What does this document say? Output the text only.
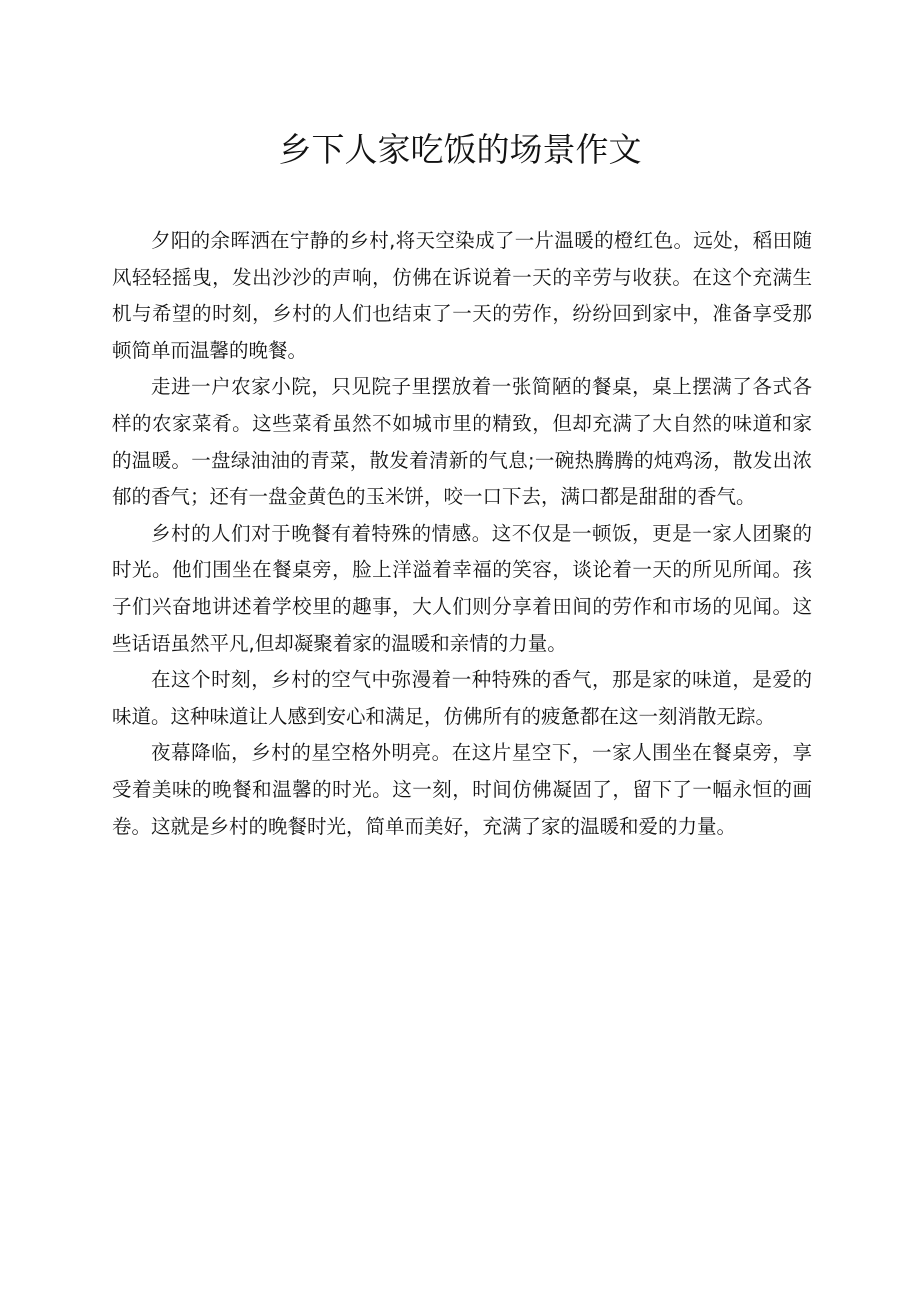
乡下人家吃饭的场景作文

夕阳的余晖洒在宁静的乡村,将天空染成了一片温暖的橙红色。远处，稻田随风轻轻摇曳，发出沙沙的声响，仿佛在诉说着一天的辛劳与收获。在这个充满生机与希望的时刻，乡村的人们也结束了一天的劳作，纷纷回到家中，准备享受那顿简单而温馨的晚餐。

走进一户农家小院，只见院子里摆放着一张简陋的餐桌，桌上摆满了各式各样的农家菜肴。这些菜肴虽然不如城市里的精致，但却充满了大自然的味道和家的温暖。一盘绿油油的青菜，散发着清新的气息;一碗热腾腾的炖鸡汤，散发出浓郁的香气；还有一盘金黄色的玉米饼，咬一口下去，满口都是甜甜的香气。

乡村的人们对于晚餐有着特殊的情感。这不仅是一顿饭，更是一家人团聚的时光。他们围坐在餐桌旁，脸上洋溢着幸福的笑容，谈论着一天的所见所闻。孩子们兴奋地讲述着学校里的趣事，大人们则分享着田间的劳作和市场的见闻。这些话语虽然平凡,但却凝聚着家的温暖和亲情的力量。

在这个时刻，乡村的空气中弥漫着一种特殊的香气，那是家的味道，是爱的味道。这种味道让人感到安心和满足，仿佛所有的疲惫都在这一刻消散无踪。

夜幕降临，乡村的星空格外明亮。在这片星空下，一家人围坐在餐桌旁，享受着美味的晚餐和温馨的时光。这一刻，时间仿佛凝固了，留下了一幅永恒的画卷。这就是乡村的晚餐时光，简单而美好，充满了家的温暖和爱的力量。
